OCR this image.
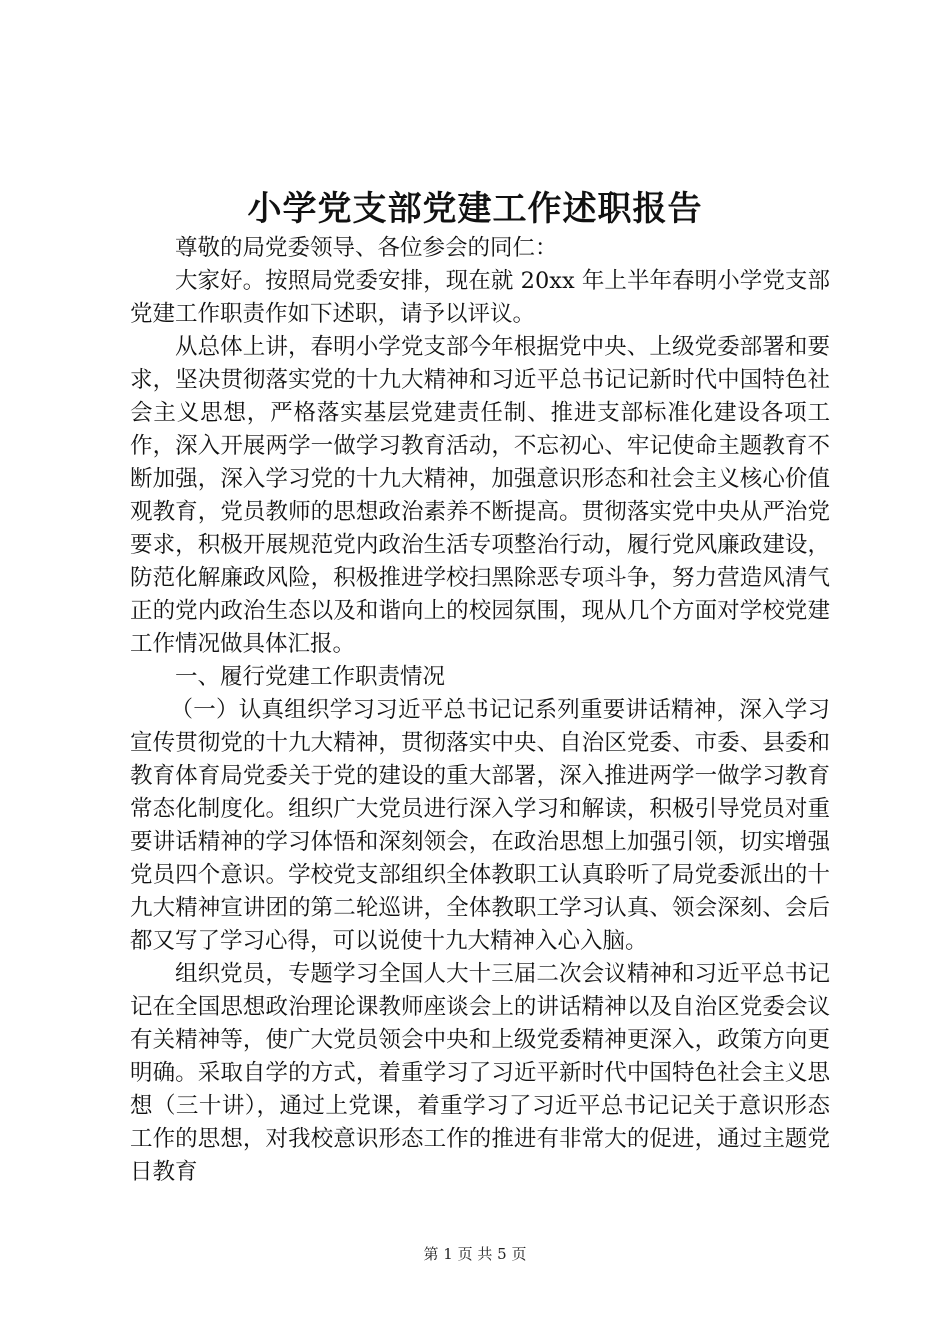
小学党支部党建工作述职报告

尊敬的局党委领导、各位参会的同仁：

大家好。按照局党委安排，现在就 20xx 年上半年春明小学党支部党建工作职责作如下述职，请予以评议。

从总体上讲，春明小学党支部今年根据党中央、上级党委部署和要求，坚决贯彻落实党的十九大精神和习近平总书记记新时代中国特色社会主义思想，严格落实基层党建责任制、推进支部标准化建设各项工作，深入开展两学一做学习教育活动，不忘初心、牢记使命主题教育不断加强，深入学习党的十九大精神，加强意识形态和社会主义核心价值观教育，党员教师的思想政治素养不断提高。贯彻落实党中央从严治党要求，积极开展规范党内政治生活专项整治行动，履行党风廉政建设，防范化解廉政风险，积极推进学校扫黑除恶专项斗争，努力营造风清气正的党内政治生态以及和谐向上的校园氛围，现从几个方面对学校党建工作情况做具体汇报。

一、履行党建工作职责情况

（一）认真组织学习习近平总书记记系列重要讲话精神，深入学习宣传贯彻党的十九大精神，贯彻落实中央、自治区党委、市委、县委和教育体育局党委关于党的建设的重大部署，深入推进两学一做学习教育常态化制度化。组织广大党员进行深入学习和解读，积极引导党员对重要讲话精神的学习体悟和深刻领会，在政治思想上加强引领，切实增强党员四个意识。学校党支部组织全体教职工认真聆听了局党委派出的十九大精神宣讲团的第二轮巡讲，全体教职工学习认真、领会深刻、会后都又写了学习心得，可以说使十九大精神入心入脑。

组织党员，专题学习全国人大十三届二次会议精神和习近平总书记记在全国思想政治理论课教师座谈会上的讲话精神以及自治区党委会议有关精神等，使广大党员领会中央和上级党委精神更深入，政策方向更明确。采取自学的方式，着重学习了习近平新时代中国特色社会主义思想（三十讲），通过上党课，着重学习了习近平总书记记关于意识形态工作的思想，对我校意识形态工作的推进有非常大的促进，通过主题党日教育

第 1 页 共 5 页
